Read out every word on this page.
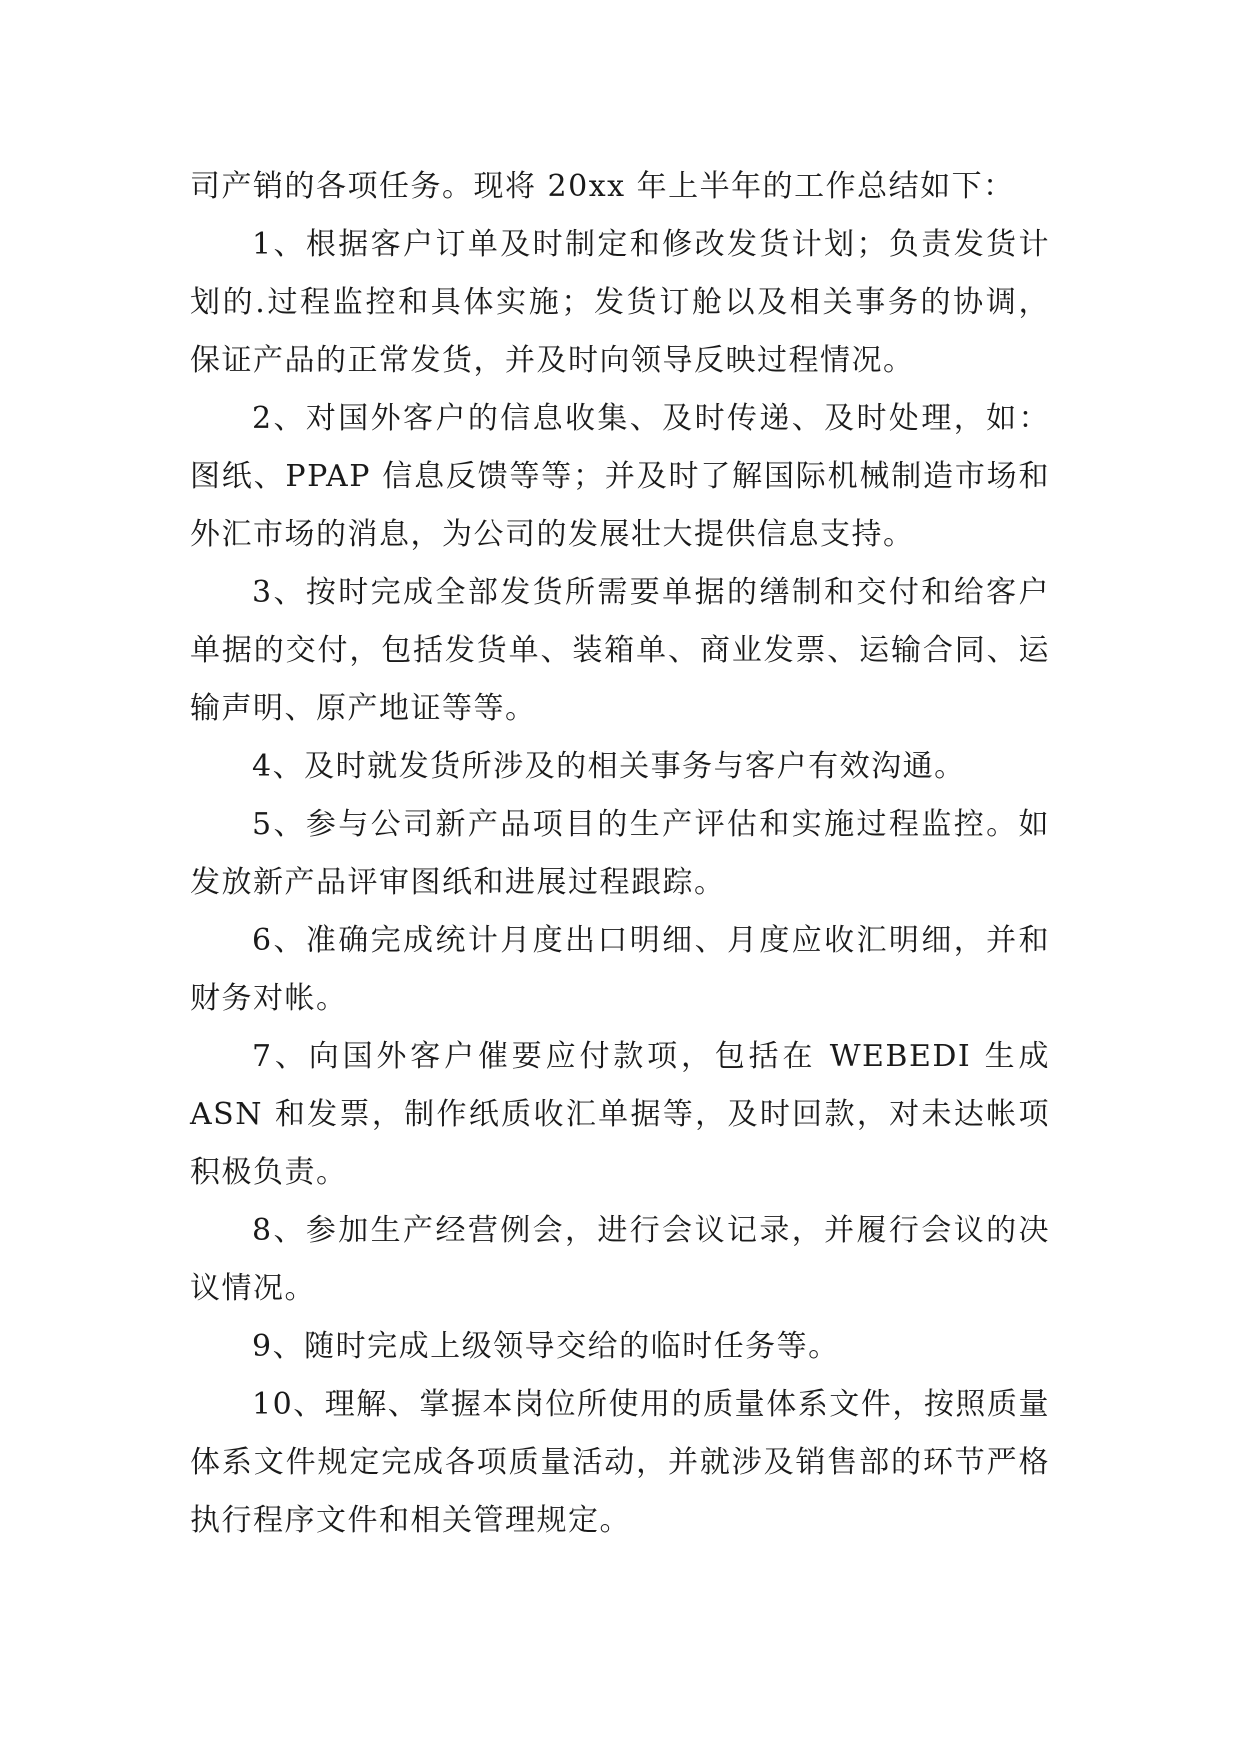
司产销的各项任务。现将 20xx 年上半年的工作总结如下：

1、根据客户订单及时制定和修改发货计划；负责发货计划的.过程监控和具体实施；发货订舱以及相关事务的协调，保证产品的正常发货，并及时向领导反映过程情况。

2、对国外客户的信息收集、及时传递、及时处理，如：图纸、PPAP 信息反馈等等；并及时了解国际机械制造市场和外汇市场的消息，为公司的发展壮大提供信息支持。

3、按时完成全部发货所需要单据的缮制和交付和给客户单据的交付，包括发货单、装箱单、商业发票、运输合同、运输声明、原产地证等等。

4、及时就发货所涉及的相关事务与客户有效沟通。

5、参与公司新产品项目的生产评估和实施过程监控。如发放新产品评审图纸和进展过程跟踪。

6、准确完成统计月度出口明细、月度应收汇明细，并和财务对帐。

7、向国外客户催要应付款项，包括在 WEBEDI 生成 ASN 和发票，制作纸质收汇单据等，及时回款，对未达帐项积极负责。

8、参加生产经营例会，进行会议记录，并履行会议的决议情况。

9、随时完成上级领导交给的临时任务等。

10、理解、掌握本岗位所使用的质量体系文件，按照质量体系文件规定完成各项质量活动，并就涉及销售部的环节严格执行程序文件和相关管理规定。
